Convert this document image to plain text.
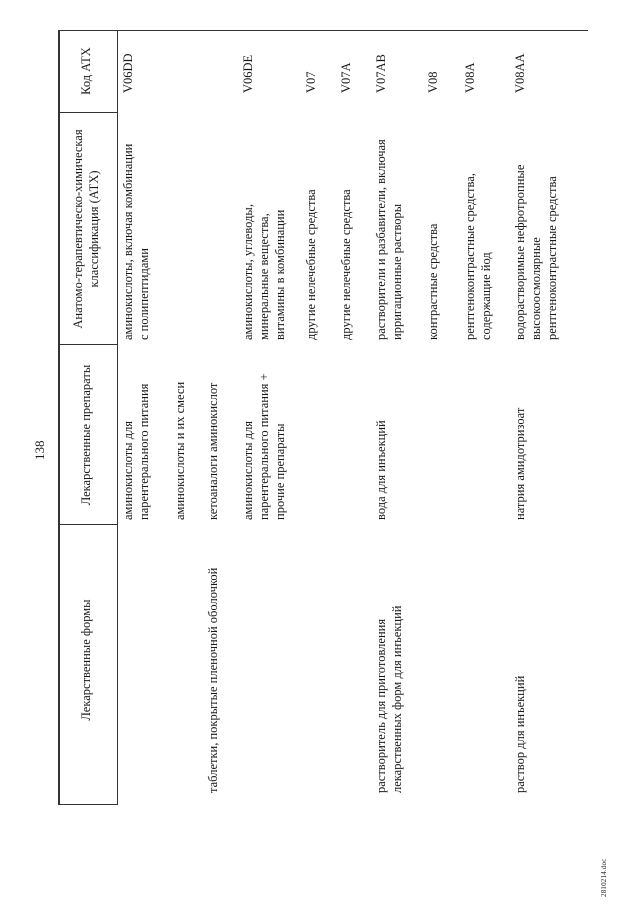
138
2810214.doc
Лекарственные формы
Лекарственные препараты
Анатомо-терапевтическо-химическая
классификация (АТХ)
Код АТХ V06DD
аминокислоты, включая комбинации
с полипептидами
аминокислоты для
парентерального питания аминокислоты и их смеси кетоаналоги аминокислот
таблетки, покрытые пленочной оболочкой
V06DE
аминокислоты, углеводы,
минеральные вещества,
витамины в комбинации
аминокислоты для
парентерального питания +
прочие препараты
V07
другие нелечебные средства
V07A
другие нелечебные средства
V07AB
растворители и разбавители, включая
ирригационные растворы
вода для инъекций
растворитель для приготовления
лекарственных форм для инъекций
V08
контрастные средства
V08A
рентгеноконтрастные средства,
содержащие йод
V08AA
водорастворимые нефротропные
высокоосмолярные
рентгеноконтрастные средства
натрия амидотризоат
раствор для инъекций
